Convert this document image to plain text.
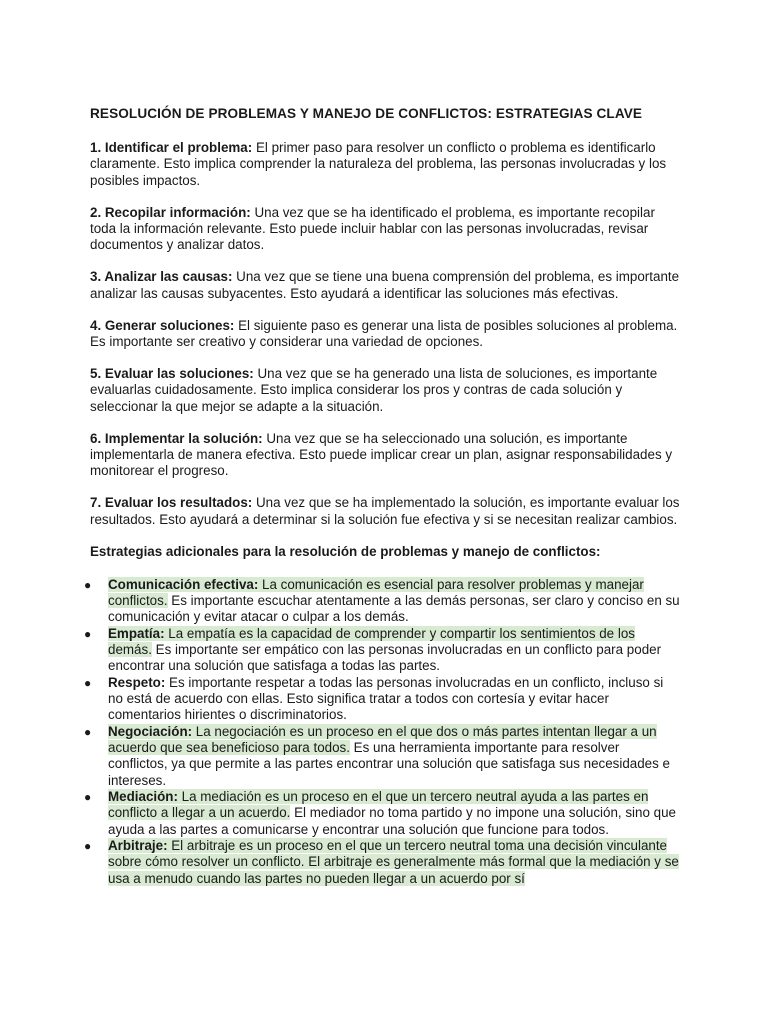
RESOLUCIÓN DE PROBLEMAS Y MANEJO DE CONFLICTOS: ESTRATEGIAS CLAVE

1. Identificar el problema: El primer paso para resolver un conflicto o problema es identificarlo claramente. Esto implica comprender la naturaleza del problema, las personas involucradas y los posibles impactos.

2. Recopilar información: Una vez que se ha identificado el problema, es importante recopilar toda la información relevante. Esto puede incluir hablar con las personas involucradas, revisar documentos y analizar datos.

3. Analizar las causas: Una vez que se tiene una buena comprensión del problema, es importante analizar las causas subyacentes. Esto ayudará a identificar las soluciones más efectivas.

4. Generar soluciones: El siguiente paso es generar una lista de posibles soluciones al problema. Es importante ser creativo y considerar una variedad de opciones.

5. Evaluar las soluciones: Una vez que se ha generado una lista de soluciones, es importante evaluarlas cuidadosamente. Esto implica considerar los pros y contras de cada solución y seleccionar la que mejor se adapte a la situación.

6. Implementar la solución: Una vez que se ha seleccionado una solución, es importante implementarla de manera efectiva. Esto puede implicar crear un plan, asignar responsabilidades y monitorear el progreso.

7. Evaluar los resultados: Una vez que se ha implementado la solución, es importante evaluar los resultados. Esto ayudará a determinar si la solución fue efectiva y si se necesitan realizar cambios.

Estrategias adicionales para la resolución de problemas y manejo de conflictos:

● Comunicación efectiva: La comunicación es esencial para resolver problemas y manejar conflictos. Es importante escuchar atentamente a las demás personas, ser claro y conciso en su comunicación y evitar atacar o culpar a los demás.
● Empatía: La empatía es la capacidad de comprender y compartir los sentimientos de los demás. Es importante ser empático con las personas involucradas en un conflicto para poder encontrar una solución que satisfaga a todas las partes.
● Respeto: Es importante respetar a todas las personas involucradas en un conflicto, incluso si no está de acuerdo con ellas. Esto significa tratar a todos con cortesía y evitar hacer comentarios hirientes o discriminatorios.
● Negociación: La negociación es un proceso en el que dos o más partes intentan llegar a un acuerdo que sea beneficioso para todos. Es una herramienta importante para resolver conflictos, ya que permite a las partes encontrar una solución que satisfaga sus necesidades e intereses.
● Mediación: La mediación es un proceso en el que un tercero neutral ayuda a las partes en conflicto a llegar a un acuerdo. El mediador no toma partido y no impone una solución, sino que ayuda a las partes a comunicarse y encontrar una solución que funcione para todos.
● Arbitraje: El arbitraje es un proceso en el que un tercero neutral toma una decisión vinculante sobre cómo resolver un conflicto. El arbitraje es generalmente más formal que la mediación y se usa a menudo cuando las partes no pueden llegar a un acuerdo por sí
